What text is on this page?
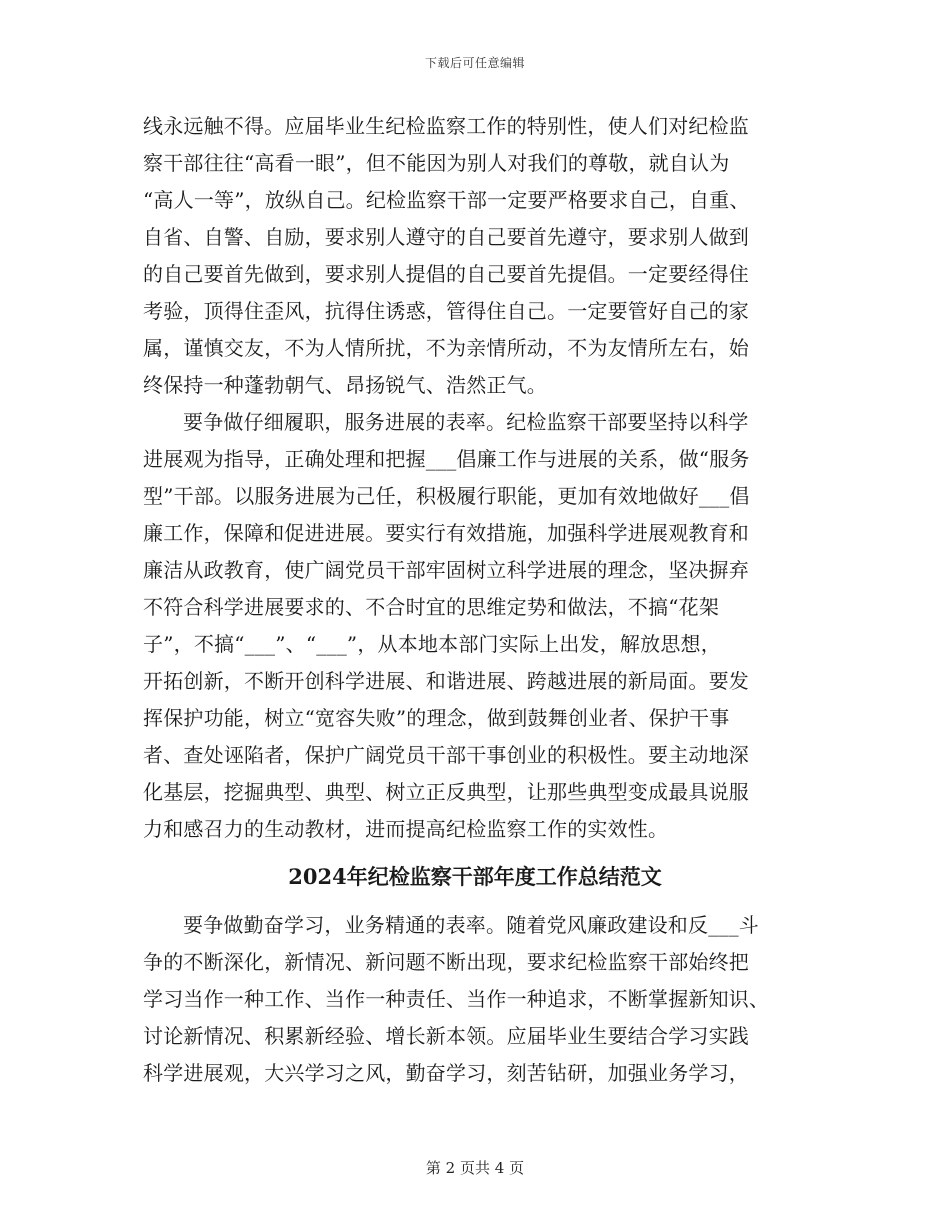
下载后可任意编辑
线永远触不得。应届毕业生纪检监察工作的特别性，使人们对纪检监
察干部往往“高看一眼”，但不能因为别人对我们的尊敬，就自认为
“高人一等”，放纵自己。纪检监察干部一定要严格要求自己，自重、
自省、自警、自励，要求别人遵守的自己要首先遵守，要求别人做到
的自己要首先做到，要求别人提倡的自己要首先提倡。一定要经得住
考验，顶得住歪风，抗得住诱惑，管得住自己。一定要管好自己的家
属，谨慎交友，不为人情所扰，不为亲情所动，不为友情所左右，始
终保持一种蓬勃朝气、昂扬锐气、浩然正气。
要争做仔细履职，服务进展的表率。纪检监察干部要坚持以科学
进展观为指导，正确处理和把握___倡廉工作与进展的关系，做“服务
型”干部。以服务进展为己任，积极履行职能，更加有效地做好___倡
廉工作，保障和促进进展。要实行有效措施，加强科学进展观教育和
廉洁从政教育，使广阔党员干部牢固树立科学进展的理念，坚决摒弃
不符合科学进展要求的、不合时宜的思维定势和做法，不搞“花架
子”，不搞“___”、“___”，从本地本部门实际上出发，解放思想，
开拓创新，不断开创科学进展、和谐进展、跨越进展的新局面。要发
挥保护功能，树立“宽容失败”的理念，做到鼓舞创业者、保护干事
者、查处诬陷者，保护广阔党员干部干事创业的积极性。要主动地深
化基层，挖掘典型、典型、树立正反典型，让那些典型变成最具说服
力和感召力的生动教材，进而提高纪检监察工作的实效性。
2024年纪检监察干部年度工作总结范文
要争做勤奋学习，业务精通的表率。随着党风廉政建设和反___斗
争的不断深化，新情况、新问题不断出现，要求纪检监察干部始终把
学习当作一种工作、当作一种责任、当作一种追求，不断掌握新知识、
讨论新情况、积累新经验、增长新本领。应届毕业生要结合学习实践
科学进展观，大兴学习之风，勤奋学习，刻苦钻研，加强业务学习，
第 2 页共 4 页
